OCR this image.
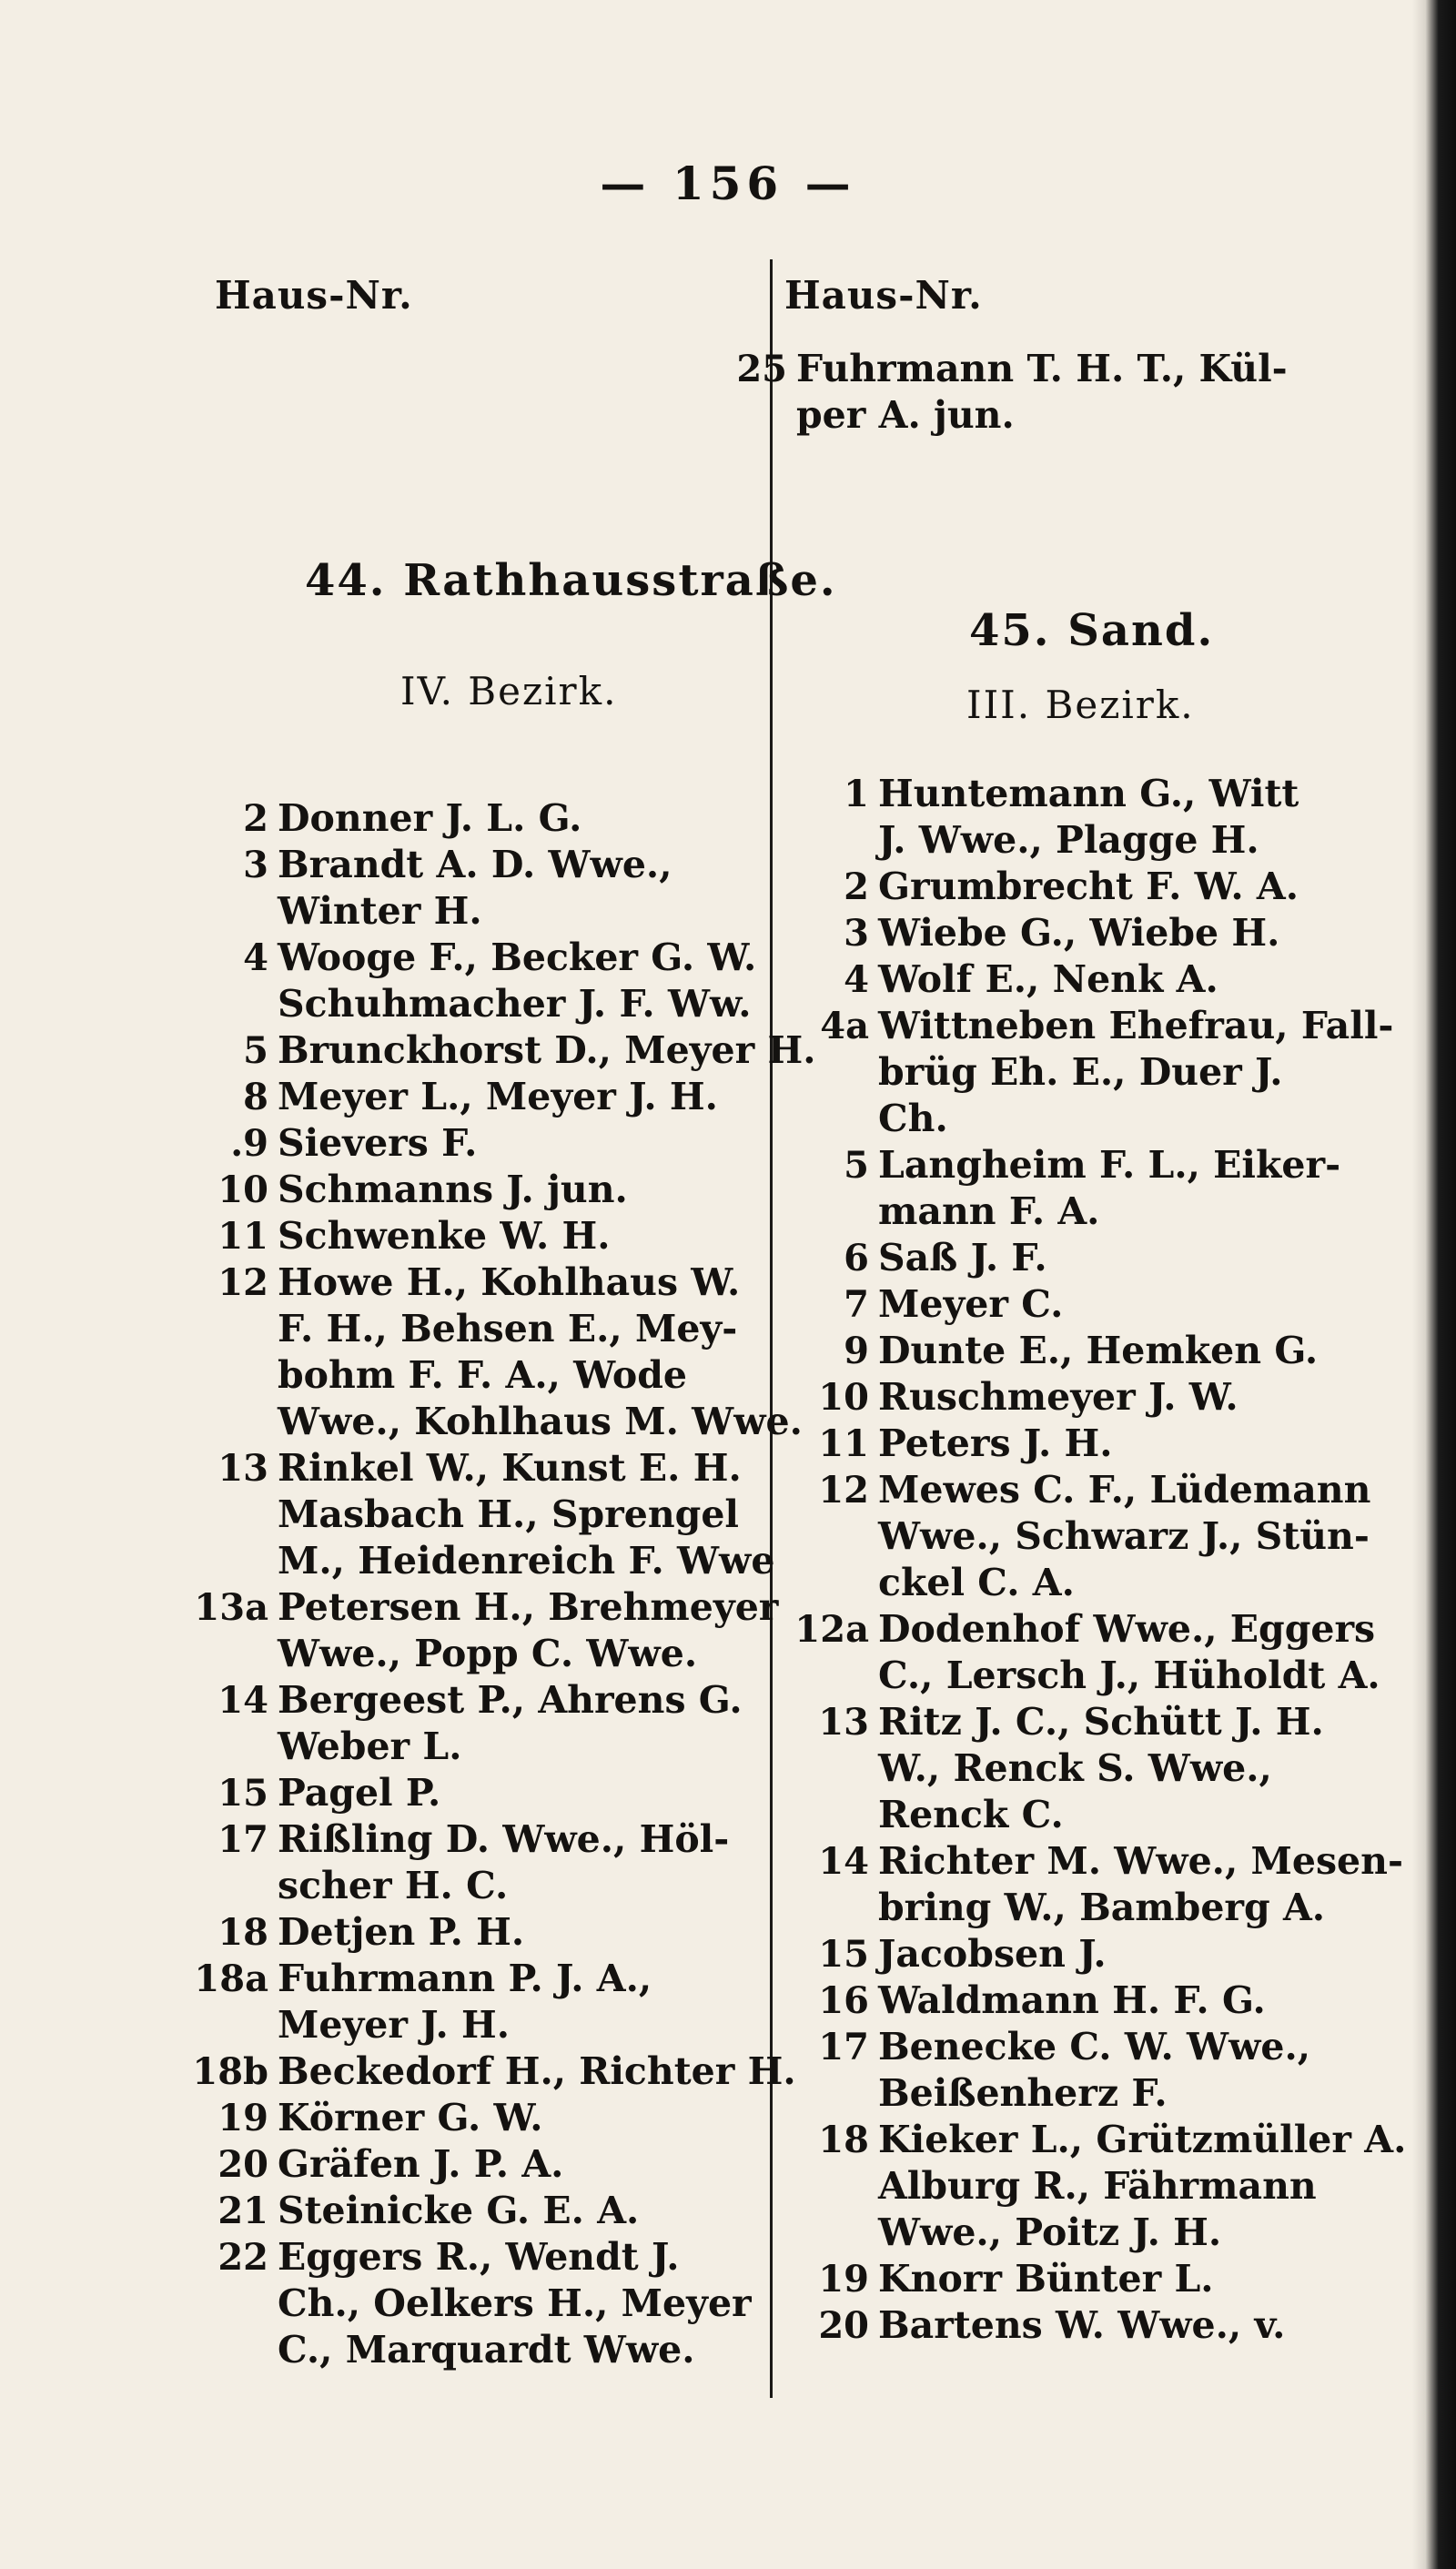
— 156 —
Haus-Nr.	Haus-Nr.
25 Fuhrmann T. H. T., Kül-
per A. jun.
44. Rathhausstraße.
IV. Bezirk.
2 Donner J. L. G.
3 Brandt A. D. Wwe.,
Winter H.
4 Wooge F., Becker G. W.
Schuhmacher J. F. Ww.
5 Brunckhorst D., Meyer H.
8 Meyer L., Meyer J. H.
.9 Sievers F.
10 Schmanns J. jun.
11 Schwenke W. H.
12 Howe H., Kohlhaus W.
F. H., Behsen E., Mey-
bohm F. F. A., Wode
Wwe., Kohlhaus M. Wwe.
13 Rinkel W., Kunst E. H.
Masbach H., Sprengel
M., Heidenreich F. Wwe
13a Petersen H., Brehmeyer
Wwe., Popp C. Wwe.
14 Bergeest P., Ahrens G.
Weber L.
15 Pagel P.
17 Rißling D. Wwe., Höl-
scher H. C.
18 Detjen P. H.
18a Fuhrmann P. J. A.,
Meyer J. H.
18b Beckedorf H., Richter H.
19 Körner G. W.
20 Gräfen J. P. A.
21 Steinicke G. E. A.
22 Eggers R., Wendt J.
Ch., Oelkers H., Meyer
C., Marquardt Wwe.
45. Sand.
III. Bezirk.
1 Huntemann G., Witt
J. Wwe., Plagge H.
2 Grumbrecht F. W. A.
3 Wiebe G., Wiebe H.
4 Wolf E., Nenk A.
4a Wittneben Ehefrau, Fall-
brüg Eh. E., Duer J.
Ch.
5 Langheim F. L., Eiker-
mann F. A.
6 Saß J. F.
7 Meyer C.
9 Dunte E., Hemken G.
10 Ruschmeyer J. W.
11 Peters J. H.
12 Mewes C. F., Lüdemann
Wwe., Schwarz J., Stün-
ckel C. A.
12a Dodenhof Wwe., Eggers
C., Lersch J., Hüholdt A.
13 Ritz J. C., Schütt J. H.
W., Renck S. Wwe.,
Renck C.
14 Richter M. Wwe., Mesen-
bring W., Bamberg A.
15 Jacobsen J.
16 Waldmann H. F. G.
17 Benecke C. W. Wwe.,
Beißenherz F.
18 Kieker L., Grützmüller A.
Alburg R., Fährmann
Wwe., Poitz J. H.
19 Knorr Bünter L.
20 Bartens W. Wwe., v.
